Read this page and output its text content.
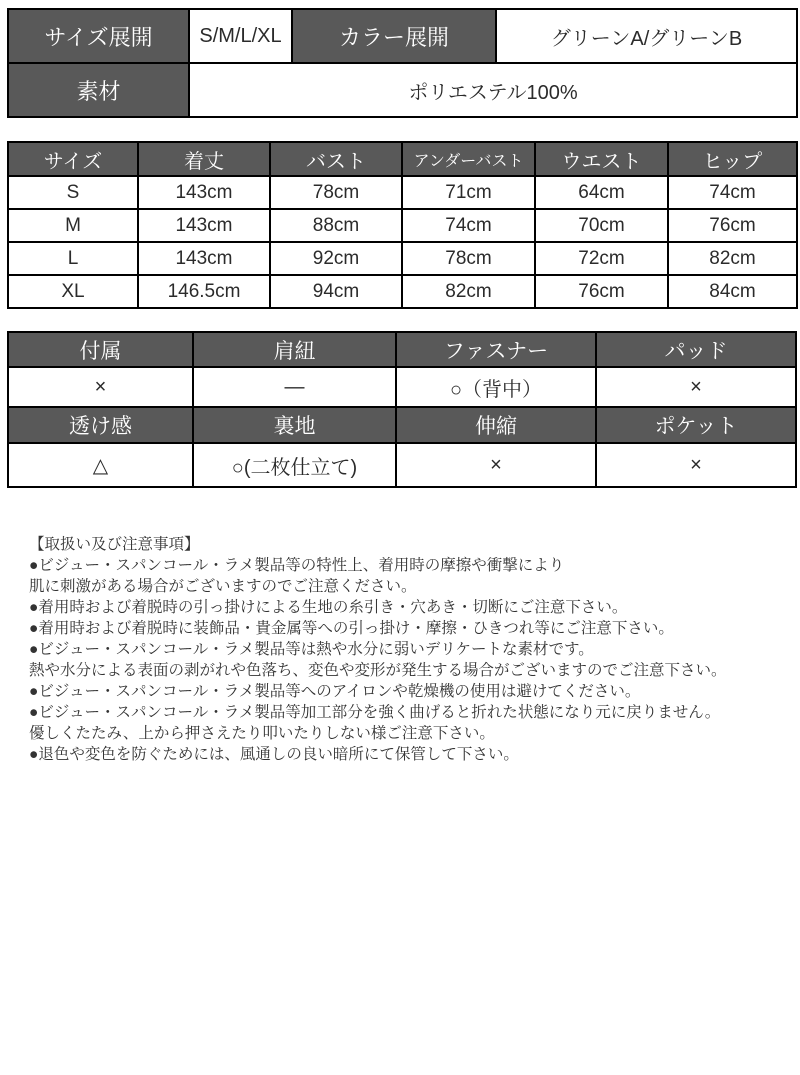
サイズ展開	S/M/L/XL	カラー展開	グリーンA/グリーンB
素材	ポリエステル100%		
サイズ	着丈	バスト	アンダーバスト	ウエスト	ヒップ
S	143cm	78cm	71cm	64cm	74cm
M	143cm	88cm	74cm	70cm	76cm
L	143cm	92cm	78cm	72cm	82cm
XL	146.5cm	94cm	82cm	76cm	84cm
付属	肩紐	ファスナー	パッド
×	―	○（背中）	×
透け感	裏地	伸縮	ポケット
△	○(二枚仕立て)	×	×
【取扱い及び注意事項】
●ビジュー・スパンコール・ラメ製品等の特性上、着用時の摩擦や衝撃により
肌に刺激がある場合がございますのでご注意ください。
●着用時および着脱時の引っ掛けによる生地の糸引き・穴あき・切断にご注意下さい。
●着用時および着脱時に装飾品・貴金属等への引っ掛け・摩擦・ひきつれ等にご注意下さい。
●ビジュー・スパンコール・ラメ製品等は熱や水分に弱いデリケートな素材です。
熱や水分による表面の剥がれや色落ち、変色や変形が発生する場合がございますのでご注意下さい。
●ビジュー・スパンコール・ラメ製品等へのアイロンや乾燥機の使用は避けてください。
●ビジュー・スパンコール・ラメ製品等加工部分を強く曲げると折れた状態になり元に戻りません。
優しくたたみ、上から押さえたり叩いたりしない様ご注意下さい。
●退色や変色を防ぐためには、風通しの良い暗所にて保管して下さい。
